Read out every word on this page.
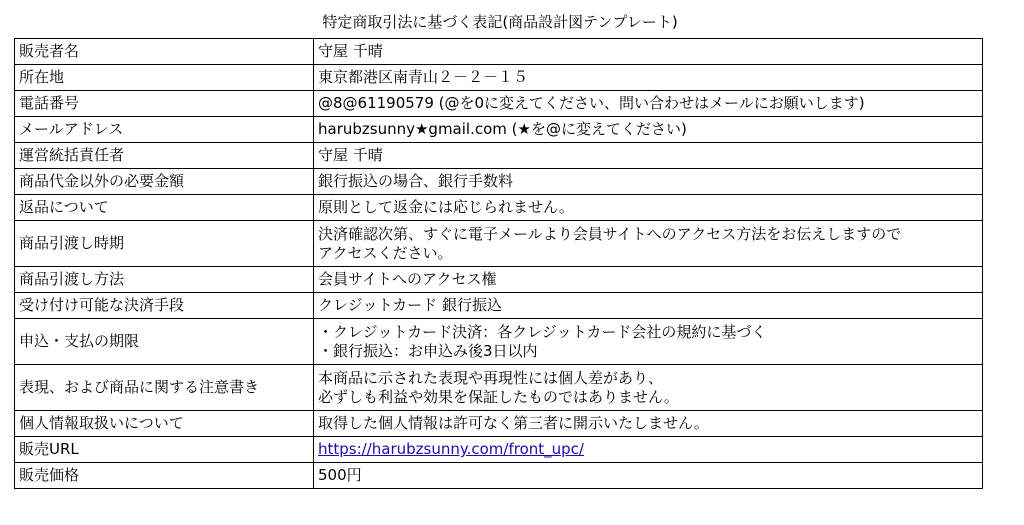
特定商取引法に基づく表記(商品設計図テンプレート)
販売者名	守屋 千晴

所在地	東京都港区南青山２－２－１５

電話番号	@8@61190579 (@を0に変えてください、問い合わせはメールにお願いします)

メールアドレス	harubzsunny★gmail.com (★を@に変えてください)

運営統括責任者	守屋 千晴

商品代金以外の必要金額	銀行振込の場合、銀行手数料

返品について	原則として返金には応じられません。

商品引渡し時期	決済確認次第、すぐに電子メールより会員サイトへのアクセス方法をお伝えしますので
アクセスください。

商品引渡し方法	会員サイトへのアクセス権

受け付け可能な決済手段	クレジットカード 銀行振込

申込・支払の期限	・クレジットカード決済：各クレジットカード会社の規約に基づく
・銀行振込：お申込み後3日以内

表現、および商品に関する注意書き	本商品に示された表現や再現性には個人差があり、
必ずしも利益や効果を保証したものではありません。

個人情報取扱いについて	取得した個人情報は許可なく第三者に開示いたしません。

販売URL	https://harubzsunny.com/front_upc/

販売価格	500円
